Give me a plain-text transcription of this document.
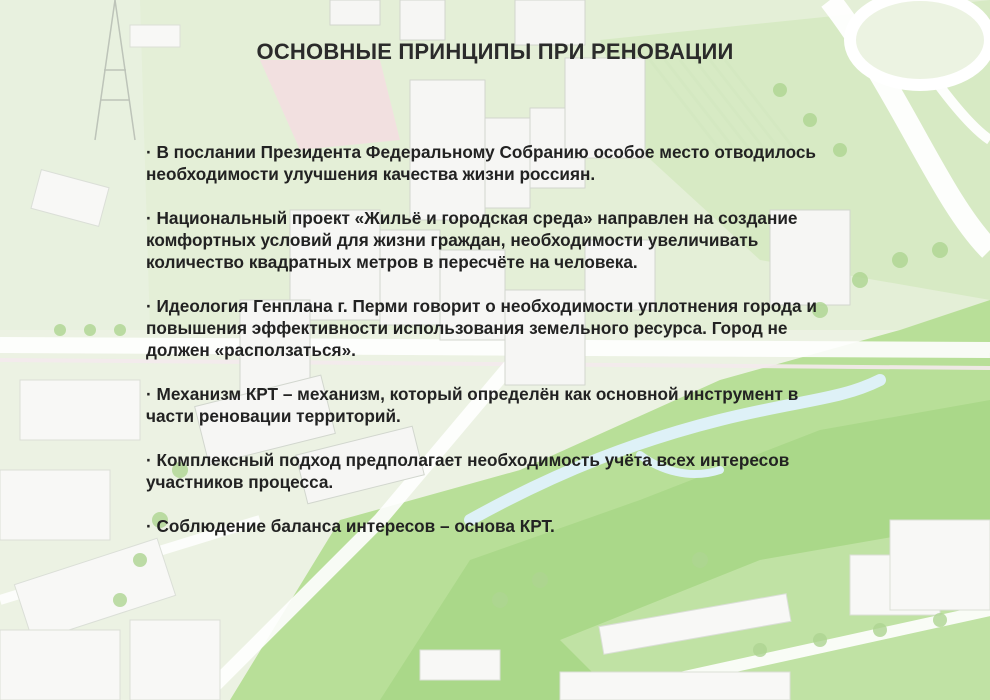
ОСНОВНЫЕ ПРИНЦИПЫ ПРИ РЕНОВАЦИИ
· В послании Президента Федеральному Собранию особое место отводилось необходимости улучшения качества жизни россиян.
· Национальный проект «Жильё и городская среда» направлен на создание комфортных условий для жизни граждан, необходимости увеличивать количество квадратных метров в пересчёте на человека.
· Идеология Генплана г. Перми говорит о необходимости уплотнения города и повышения эффективности использования земельного ресурса. Город не должен «расползаться».
· Механизм КРТ – механизм, который определён как основной инструмент в части реновации территорий.
· Комплексный подход предполагает необходимость учёта всех интересов участников процесса.
· Соблюдение баланса интересов – основа КРТ.
